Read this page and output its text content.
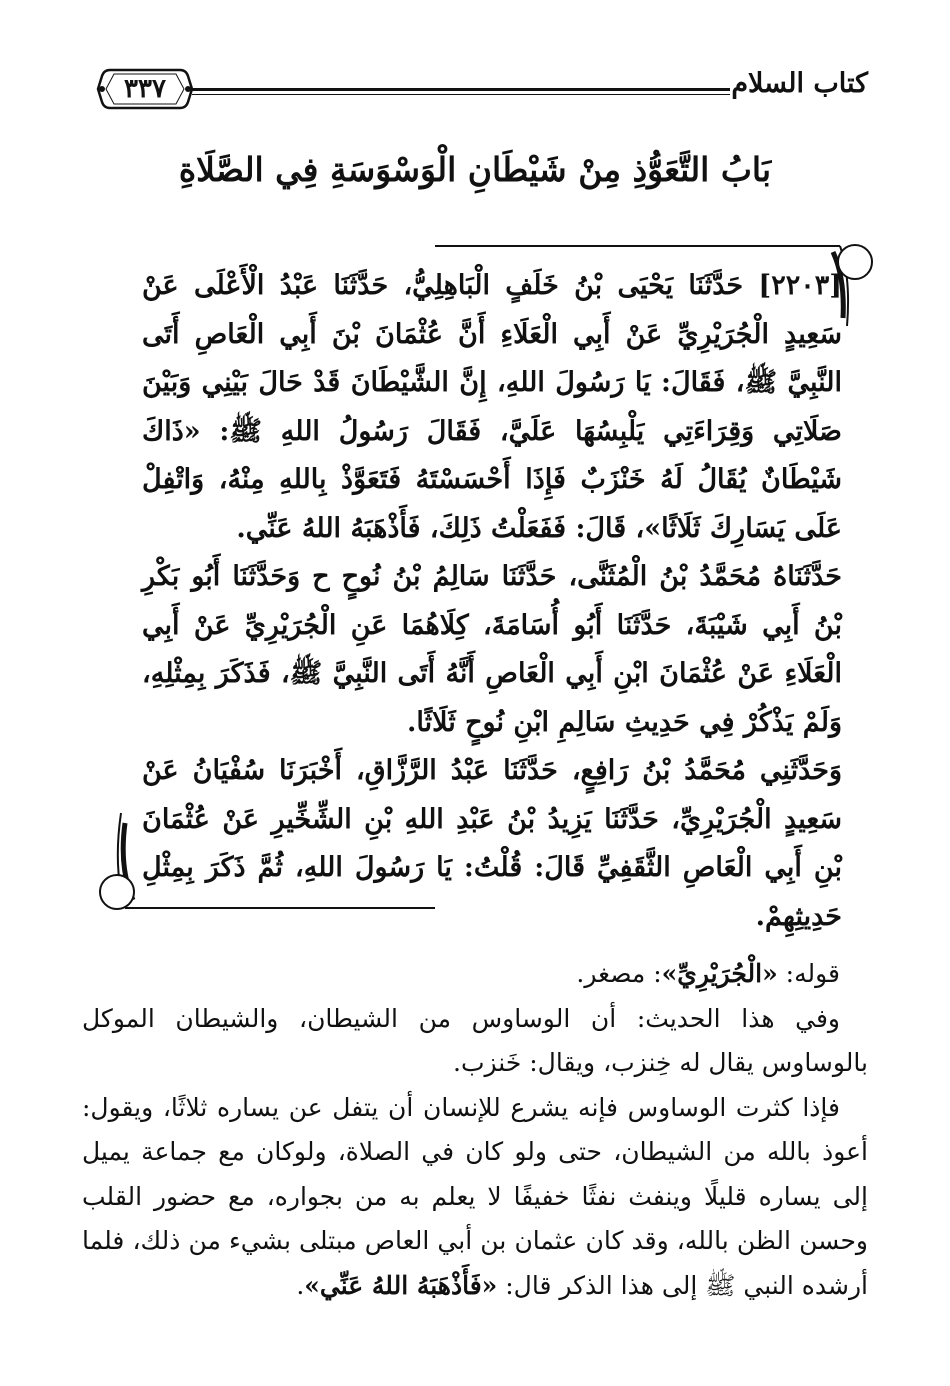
كتاب السلام
٣٣٧
بَابُ التَّعَوُّذِ مِنْ شَيْطَانِ الْوَسْوَسَةِ فِي الصَّلَاةِ

[٢٢٠٣] حَدَّثَنَا يَحْيَى بْنُ خَلَفٍ الْبَاهِلِيُّ، حَدَّثَنَا عَبْدُ الْأَعْلَى عَنْ سَعِيدٍ الْجُرَيْرِيِّ عَنْ أَبِي الْعَلَاءِ أَنَّ عُثْمَانَ بْنَ أَبِي الْعَاصِ أَتَى النَّبِيَّ ﷺ، فَقَالَ: يَا رَسُولَ اللهِ، إِنَّ الشَّيْطَانَ قَدْ حَالَ بَيْنِي وَبَيْنَ صَلَاتِي وَقِرَاءَتِي يَلْبِسُهَا عَلَيَّ، فَقَالَ رَسُولُ اللهِ ﷺ: «ذَاكَ شَيْطَانٌ يُقَالُ لَهُ خَنْزَبٌ فَإِذَا أَحْسَسْتَهُ فَتَعَوَّذْ بِاللهِ مِنْهُ، وَاتْفِلْ عَلَى يَسَارِكَ ثَلَاثًا»، قَالَ: فَفَعَلْتُ ذَلِكَ، فَأَذْهَبَهُ اللهُ عَنِّي.

حَدَّثَنَاهُ مُحَمَّدُ بْنُ الْمُثَنَّى، حَدَّثَنَا سَالِمُ بْنُ نُوحٍ ح وَحَدَّثَنَا أَبُو بَكْرِ بْنُ أَبِي شَيْبَةَ، حَدَّثَنَا أَبُو أُسَامَةَ، كِلَاهُمَا عَنِ الْجُرَيْرِيِّ عَنْ أَبِي الْعَلَاءِ عَنْ عُثْمَانَ ابْنِ أَبِي الْعَاصِ أَنَّهُ أَتَى النَّبِيَّ ﷺ، فَذَكَرَ بِمِثْلِهِ، وَلَمْ يَذْكُرْ فِي حَدِيثِ سَالِمِ ابْنِ نُوحٍ ثَلَاثًا.

وَحَدَّثَنِي مُحَمَّدُ بْنُ رَافِعٍ، حَدَّثَنَا عَبْدُ الرَّزَّاقِ، أَخْبَرَنَا سُفْيَانُ عَنْ سَعِيدٍ الْجُرَيْرِيِّ، حَدَّثَنَا يَزِيدُ بْنُ عَبْدِ اللهِ بْنِ الشِّخِّيرِ عَنْ عُثْمَانَ بْنِ أَبِي الْعَاصِ الثَّقَفِيِّ قَالَ: قُلْتُ: يَا رَسُولَ اللهِ، ثُمَّ ذَكَرَ بِمِثْلِ حَدِيثِهِمْ.

قوله: «الْجُرَيْرِيِّ»: مصغر.

وفي هذا الحديث: أن الوساوس من الشيطان، والشيطان الموكل بالوساوس يقال له خِنزب، ويقال: خَنزب.

فإذا كثرت الوساوس فإنه يشرع للإنسان أن يتفل عن يساره ثلاثًا، ويقول: أعوذ بالله من الشيطان، حتى ولو كان في الصلاة، ولوكان مع جماعة يميل إلى يساره قليلًا وينفث نفثًا خفيفًا لا يعلم به من بجواره، مع حضور القلب وحسن الظن بالله، وقد كان عثمان بن أبي العاص مبتلى بشيء من ذلك، فلما أرشده النبي ﷺ إلى هذا الذكر قال: «فَأَذْهَبَهُ اللهُ عَنِّي».
